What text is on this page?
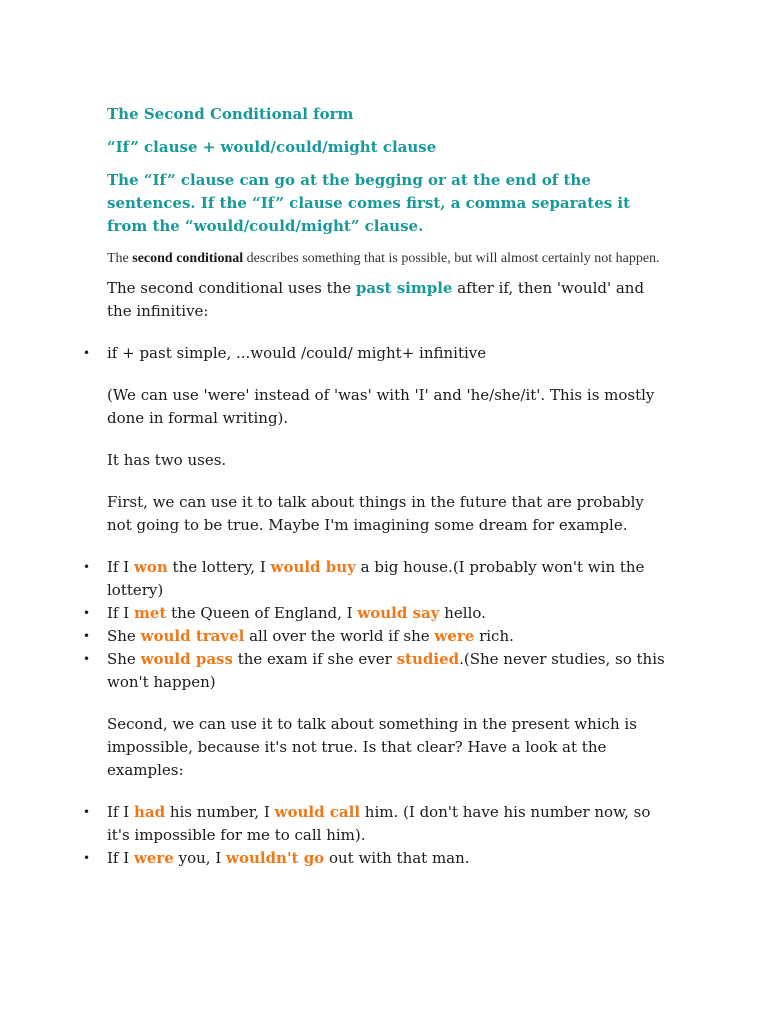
The Second Conditional form

“If” clause + would/could/might clause

The “If” clause can go at the begging or at the end of the sentences. If the “If” clause comes first, a comma separates it from the “would/could/might” clause.

The second conditional describes something that is possible, but will almost certainly not happen.

The second conditional uses the past simple after if, then 'would' and the infinitive:

• if + past simple, ...would /could/ might+ infinitive

(We can use 'were' instead of 'was' with 'I' and 'he/she/it'. This is mostly done in formal writing).

It has two uses.

First, we can use it to talk about things in the future that are probably not going to be true. Maybe I'm imagining some dream for example.

• If I won the lottery, I would buy a big house.(I probably won't win the lottery)
• If I met the Queen of England, I would say hello.
• She would travel all over the world if she were rich.
• She would pass the exam if she ever studied.(She never studies, so this won't happen)

Second, we can use it to talk about something in the present which is impossible, because it's not true. Is that clear? Have a look at the examples:

• If I had his number, I would call him. (I don't have his number now, so it's impossible for me to call him).
• If I were you, I wouldn't go out with that man.
